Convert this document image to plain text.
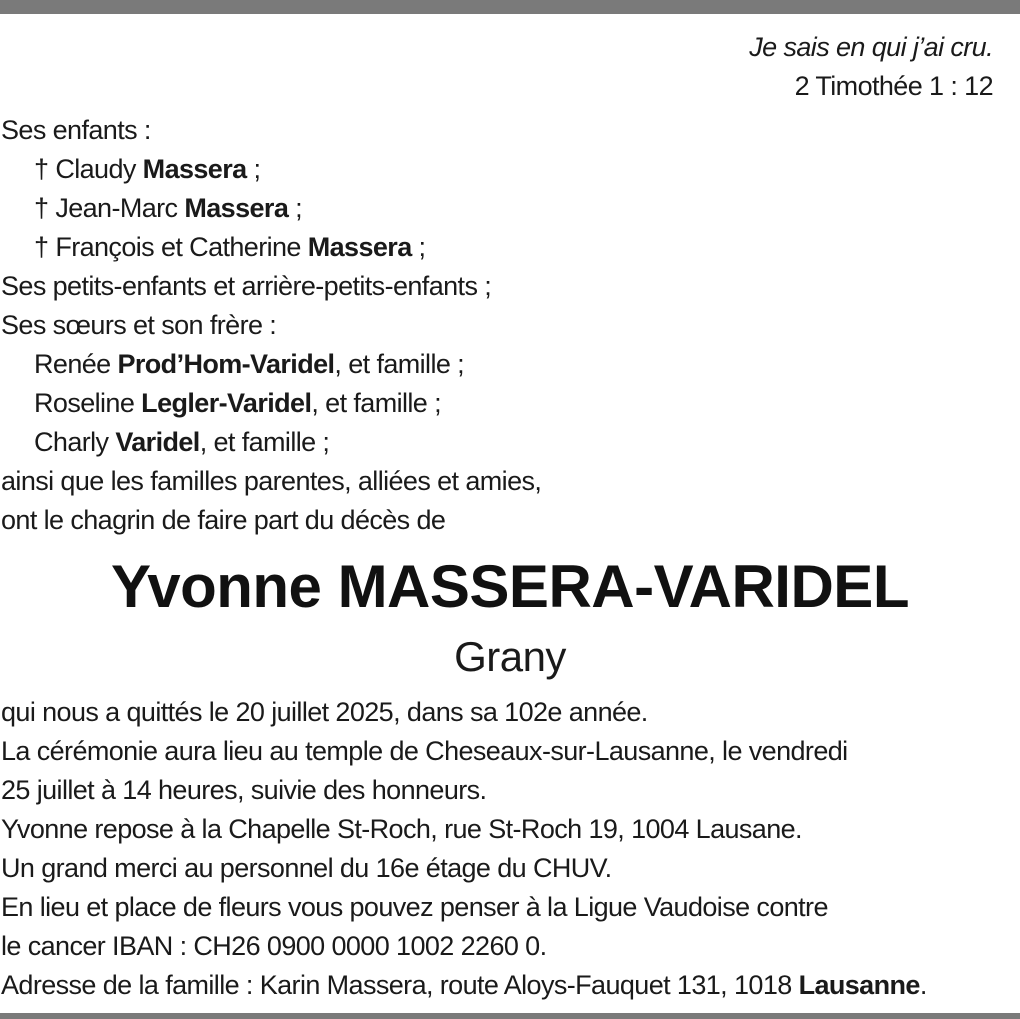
Je sais en qui j’ai cru.
2 Timothée 1 : 12
Ses enfants :
† Claudy Massera ;
† Jean-Marc Massera ;
† François et Catherine Massera ;
Ses petits-enfants et arrière-petits-enfants ;
Ses sœurs et son frère :
Renée Prod’Hom-Varidel, et famille ;
Roseline Legler-Varidel, et famille ;
Charly Varidel, et famille ;
ainsi que les familles parentes, alliées et amies,
ont le chagrin de faire part du décès de
Yvonne MASSERA-VARIDEL
Grany
qui nous a quittés le 20 juillet 2025, dans sa 102e année.
La cérémonie aura lieu au temple de Cheseaux-sur-Lausanne, le vendredi
25 juillet à 14 heures, suivie des honneurs.
Yvonne repose à la Chapelle St-Roch, rue St-Roch 19, 1004 Lausane.
Un grand merci au personnel du 16e étage du CHUV.
En lieu et place de fleurs vous pouvez penser à la Ligue Vaudoise contre
le cancer IBAN : CH26 0900 0000 1002 2260 0.
Adresse de la famille : Karin Massera, route Aloys-Fauquet 131, 1018 Lausanne.
